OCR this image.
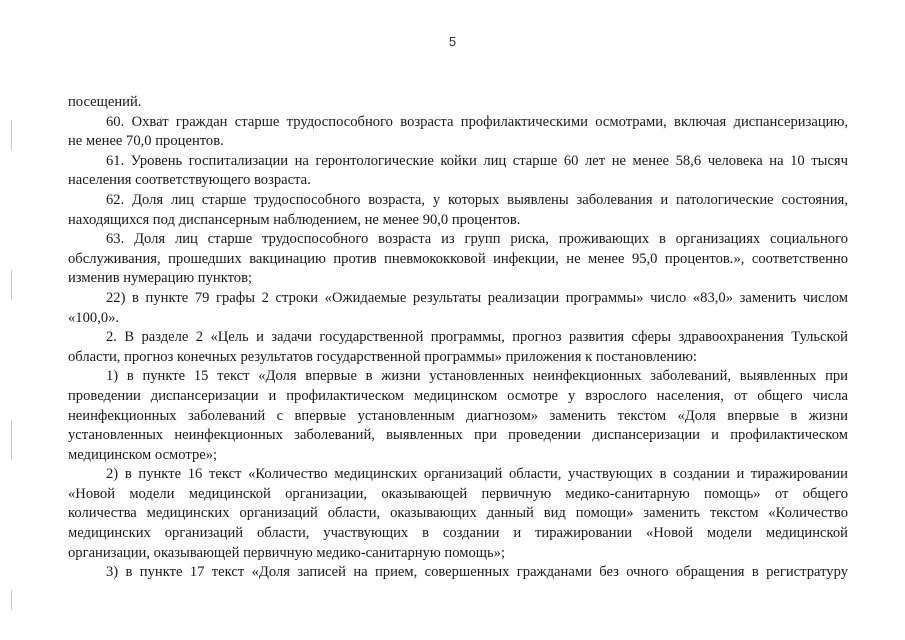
5
посещений.
60. Охват граждан старше трудоспособного возраста профилактическими осмотрами, включая диспансеризацию,
не менее 70,0 процентов.
61. Уровень госпитализации на геронтологические койки лиц старше 60 лет не менее 58,6 человека на 10 тысяч
населения соответствующего возраста.
62. Доля лиц старше трудоспособного возраста, у которых выявлены заболевания и патологические состояния,
находящихся под диспансерным наблюдением, не менее 90,0 процентов.
63. Доля лиц старше трудоспособного возраста из групп риска, проживающих в организациях социального
обслуживания, прошедших вакцинацию против пневмококковой инфекции, не менее 95,0 процентов.», соответственно
изменив нумерацию пунктов;
22) в пункте 79 графы 2 строки «Ожидаемые результаты реализации программы» число «83,0» заменить числом
«100,0».
2. В разделе 2 «Цель и задачи государственной программы, прогноз развития сферы здравоохранения Тульской
области, прогноз конечных результатов государственной программы» приложения к постановлению:
1) в пункте 15 текст «Доля впервые в жизни установленных неинфекционных заболеваний, выявленных при
проведении диспансеризации и профилактическом медицинском осмотре у взрослого населения, от общего числа
неинфекционных заболеваний с впервые установленным диагнозом» заменить текстом «Доля впервые в жизни
установленных неинфекционных заболеваний, выявленных при проведении диспансеризации и профилактическом
медицинском осмотре»;
2) в пункте 16 текст «Количество медицинских организаций области, участвующих в создании и тиражировании
«Новой модели медицинской организации, оказывающей первичную медико-санитарную помощь» от общего
количества медицинских организаций области, оказывающих данный вид помощи» заменить текстом «Количество
медицинских организаций области, участвующих в создании и тиражировании «Новой модели медицинской
организации, оказывающей первичную медико-санитарную помощь»;
3) в пункте 17 текст «Доля записей на прием, совершенных гражданами без очного обращения в регистратуру
